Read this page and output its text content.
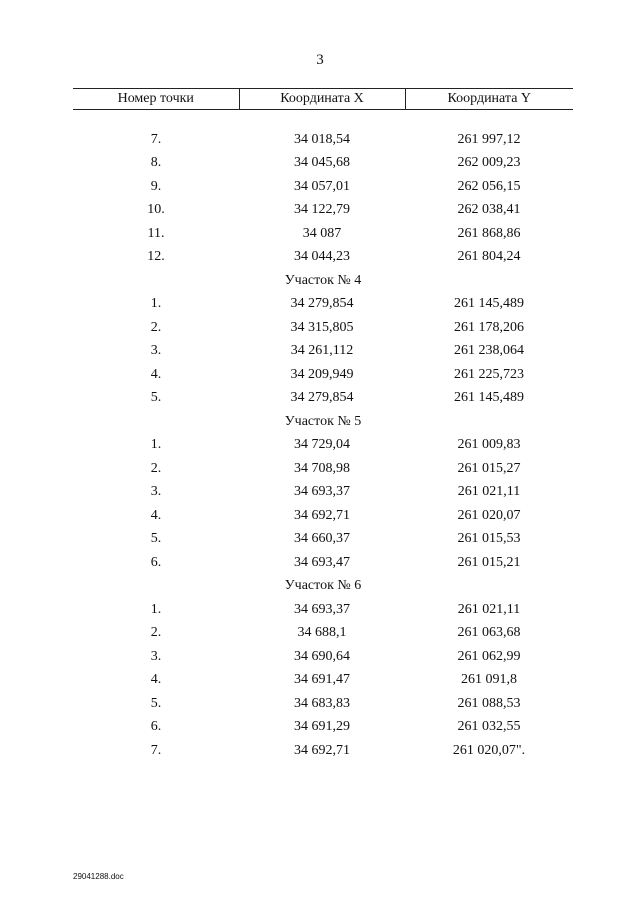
3
Номер точки	Координата X	Координата Y

7.	34 018,54	261 997,12
8.	34 045,68	262 009,23
9.	34 057,01	262 056,15
10.	34 122,79	262 038,41
11.	34 087	261 868,86
12.	34 044,23	261 804,24
Участок № 4		
1.	34 279,854	261 145,489
2.	34 315,805	261 178,206
3.	34 261,112	261 238,064
4.	34 209,949	261 225,723
5.	34 279,854	261 145,489
Участок № 5		
1.	34 729,04	261 009,83
2.	34 708,98	261 015,27
3.	34 693,37	261 021,11
4.	34 692,71	261 020,07
5.	34 660,37	261 015,53
6.	34 693,47	261 015,21
Участок № 6		
1.	34 693,37	261 021,11
2.	34 688,1	261 063,68
3.	34 690,64	261 062,99
4.	34 691,47	261 091,8
5.	34 683,83	261 088,53
6.	34 691,29	261 032,55
7.	34 692,71	261 020,07".
29041288.doc
